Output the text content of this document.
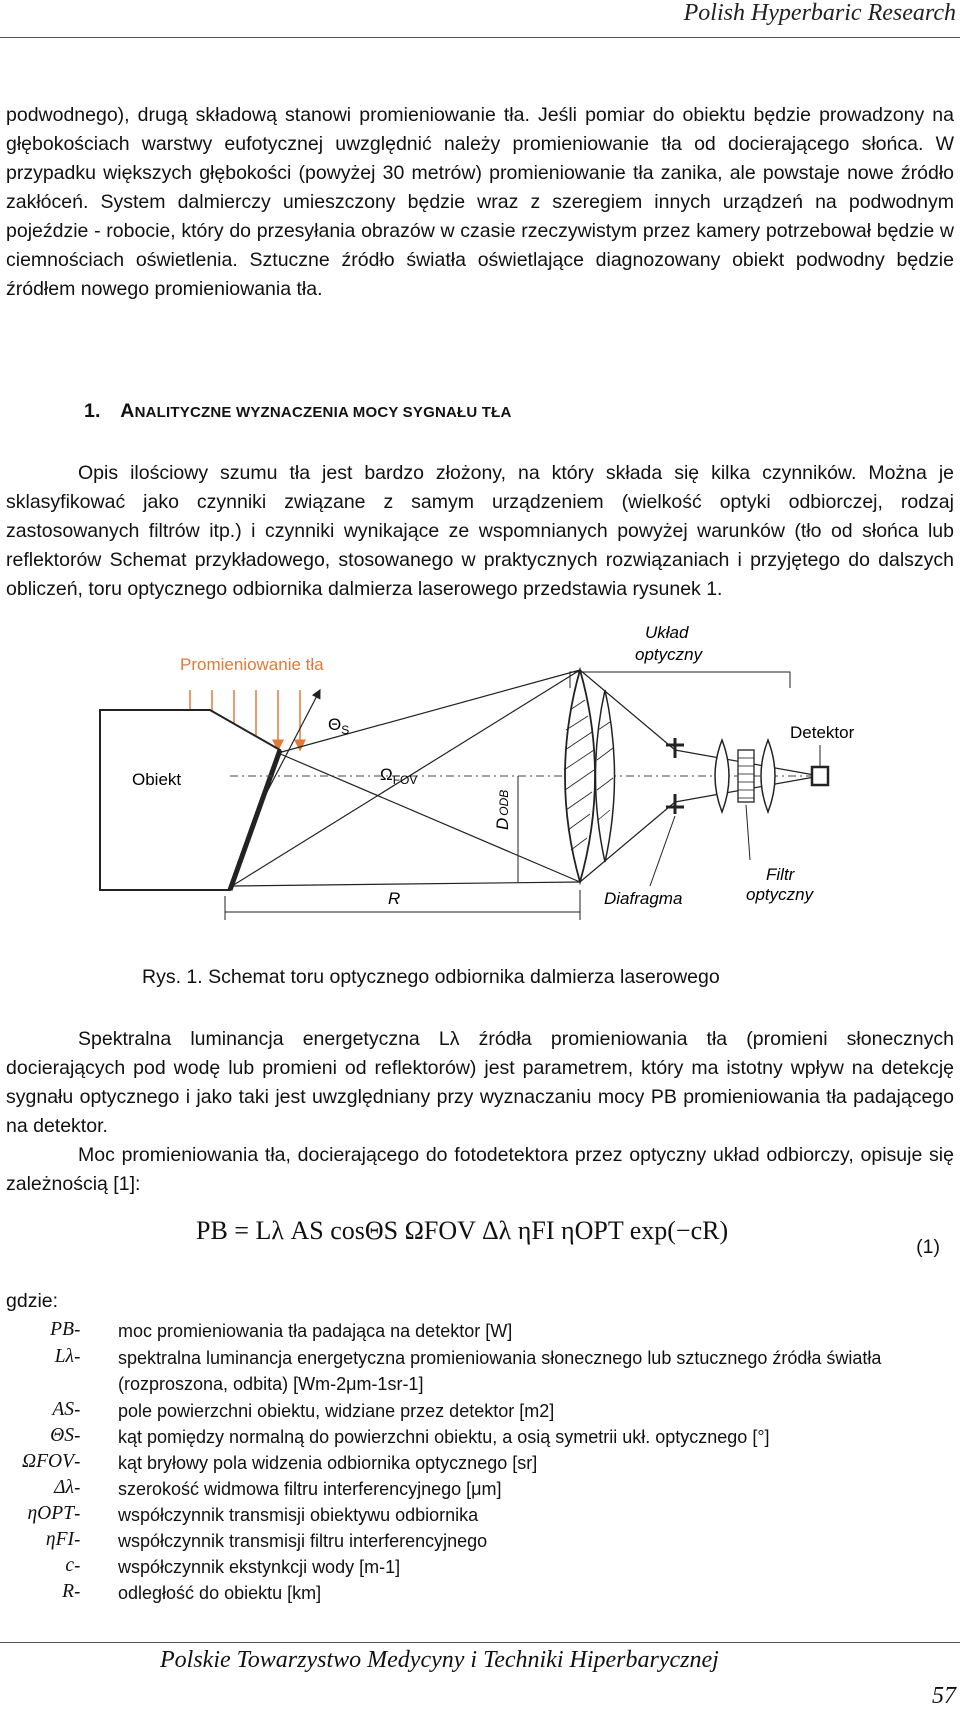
Polish Hyperbaric Research

podwodnego), drugą składową stanowi promieniowanie tła. Jeśli pomiar do obiektu będzie prowadzony na głębokościach warstwy eufotycznej uwzględnić należy promieniowanie tła od docierającego słońca. W przypadku większych głębokości (powyżej 30 metrów) promieniowanie tła zanika, ale powstaje nowe źródło zakłóceń. System dalmierczy umieszczony będzie wraz z szeregiem innych urządzeń na podwodnym pojeździe - robocie, który do przesyłania obrazów w czasie rzeczywistym przez kamery potrzebował będzie w ciemnościach oświetlenia. Sztuczne źródło światła oświetlające diagnozowany obiekt podwodny będzie źródłem nowego promieniowania tła.

1. ANALITYCZNE WYZNACZENIA MOCY SYGNAŁU TŁA

Opis ilościowy szumu tła jest bardzo złożony, na który składa się kilka czynników. Można je sklasyfikować jako czynniki związane z samym urządzeniem (wielkość optyki odbiorczej, rodzaj zastosowanych filtrów itp.) i czynniki wynikające ze wspomnianych powyżej warunków (tło od słońca lub reflektorów Schemat przykładowego, stosowanego w praktycznych rozwiązaniach i przyjętego do dalszych obliczeń, toru optycznego odbiornika dalmierza laserowego przedstawia rysunek 1.

Promieniowanie tła
Obiekt
$\Theta_S$
$\Omega_{FOV}$
DODB
Detektor
Układ
optyczny
R	Diafragma
Filtr
optyczny
Rys. 1. Schemat toru optycznego odbiornika dalmierza laserowego

Spektralna luminancja energetyczna Lλ źródła promieniowania tła (promieni słonecznych docierających pod wodę lub promieni od reflektorów) jest parametrem, który ma istotny wpływ na detekcję sygnału optycznego i jako taki jest uwzględniany przy wyznaczaniu mocy PB promieniowania tła padającego na detektor.

Moc promieniowania tła, docierającego do fotodetektora przez optyczny układ odbiorczy, opisuje się zależnością [1]:

PB = Lλ AS cosΘS ΩFOV Δλ ηFI ηOPT exp(−cR)
(1)
gdzie:
PB - moc promieniowania tła padająca na detektor [W]
Lλ - spektralna luminancja energetyczna promieniowania słonecznego lub sztucznego źródła światła (rozproszona, odbita) [Wm-2μm-1sr-1]
AS - pole powierzchni obiektu, widziane przez detektor [m2]
ΘS - kąt pomiędzy normalną do powierzchni obiektu, a osią symetrii ukł. optycznego [°]
ΩFOV - kąt bryłowy pola widzenia odbiornika optycznego [sr]
Δλ - szerokość widmowa filtru interferencyjnego [μm]
ηOPT - współczynnik transmisji obiektywu odbiornika
ηFI - współczynnik transmisji filtru interferencyjnego
c - współczynnik ekstynkcji wody [m-1]
R - odległość do obiektu [km]
Polskie Towarzystwo Medycyny i Techniki Hiperbarycznej
57
